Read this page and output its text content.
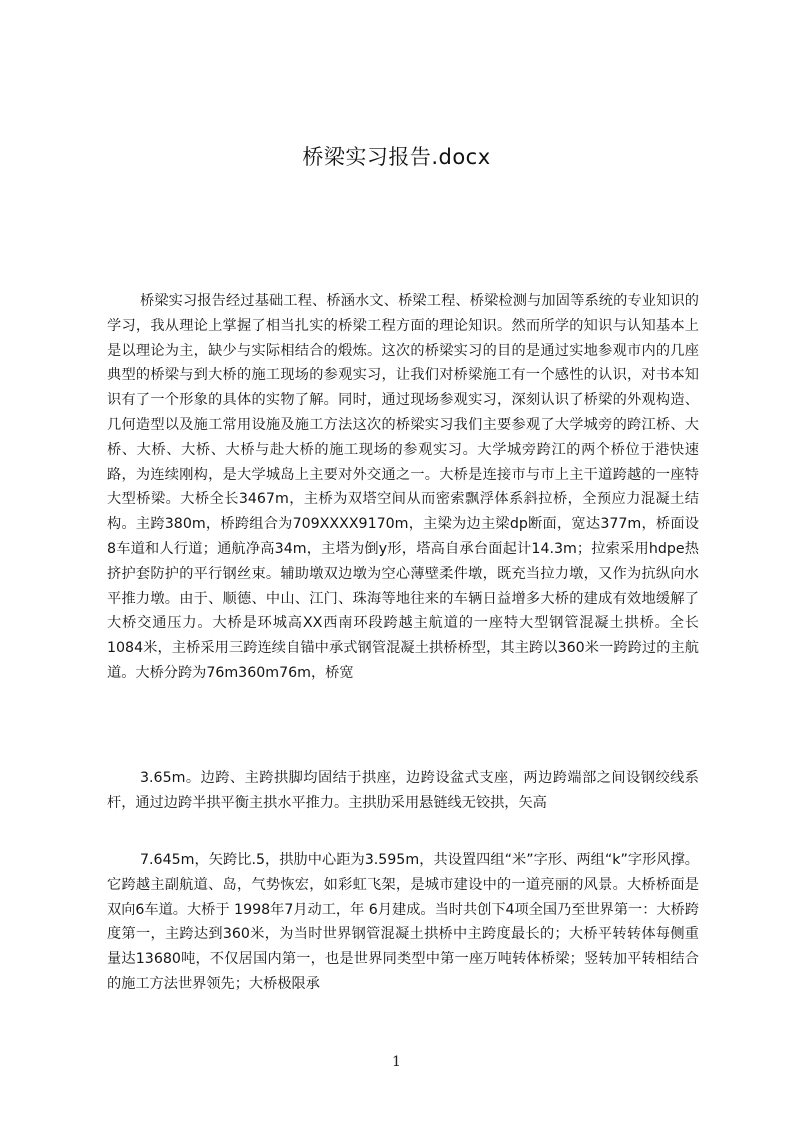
桥梁实习报告.docx
桥梁实习报告经过基础工程、桥涵水文、桥梁工程、桥梁检测与加固等系统的专业知识的学习，我从理论上掌握了相当扎实的桥梁工程方面的理论知识。然而所学的知识与认知基本上是以理论为主，缺少与实际相结合的煅炼。这次的桥梁实习的目的是通过实地参观市内的几座典型的桥梁与到大桥的施工现场的参观实习，让我们对桥梁施工有一个感性的认识，对书本知识有了一个形象的具体的实物了解。同时，通过现场参观实习，深刻认识了桥梁的外观构造、几何造型以及施工常用设施及施工方法这次的桥梁实习我们主要参观了大学城旁的跨江桥、大桥、大桥、大桥、大桥与赴大桥的施工现场的参观实习。大学城旁跨江的两个桥位于港快速路，为连续刚构，是大学城岛上主要对外交通之一。大桥是连接市与市上主干道跨越的一座特大型桥梁。大桥全长3467m，主桥为双塔空间从而密索飘浮体系斜拉桥，全预应力混凝土结构。主跨380m，桥跨组合为709XXXX9170m，主梁为边主梁dp断面，宽达377m，桥面设8车道和人行道；通航净高34m，主塔为倒y形，塔高自承台面起计14.3m；拉索采用hdpe热挤护套防护的平行钢丝束。辅助墩双边墩为空心薄壁柔件墩，既充当拉力墩，又作为抗纵向水平推力墩。由于、顺德、中山、江门、珠海等地往来的车辆日益增多大桥的建成有效地缓解了大桥交通压力。大桥是环城高XX西南环段跨越主航道的一座特大型钢管混凝土拱桥。全长1084米，主桥采用三跨连续自锚中承式钢管混凝土拱桥桥型，其主跨以360米一跨跨过的主航道。大桥分跨为76m360m76m，桥宽
3.65m。边跨、主跨拱脚均固结于拱座，边跨设盆式支座，两边跨端部之间设钢绞线系杆，通过边跨半拱平衡主拱水平推力。主拱肋采用悬链线无铰拱，矢高
7.645m，矢跨比.5，拱肋中心距为3.595m，共设置四组“米”字形、两组“k”字形风撑。它跨越主副航道、岛，气势恢宏，如彩虹飞架，是城市建设中的一道亮丽的风景。大桥桥面是双向6车道。大桥于 1998年7月动工，年 6月建成。当时共创下4项全国乃至世界第一：大桥跨度第一，主跨达到360米，为当时世界钢管混凝土拱桥中主跨度最长的；大桥平转转体每侧重量达13680吨，不仅居国内第一，也是世界同类型中第一座万吨转体桥梁；竖转加平转相结合的施工方法世界领先；大桥极限承
1
